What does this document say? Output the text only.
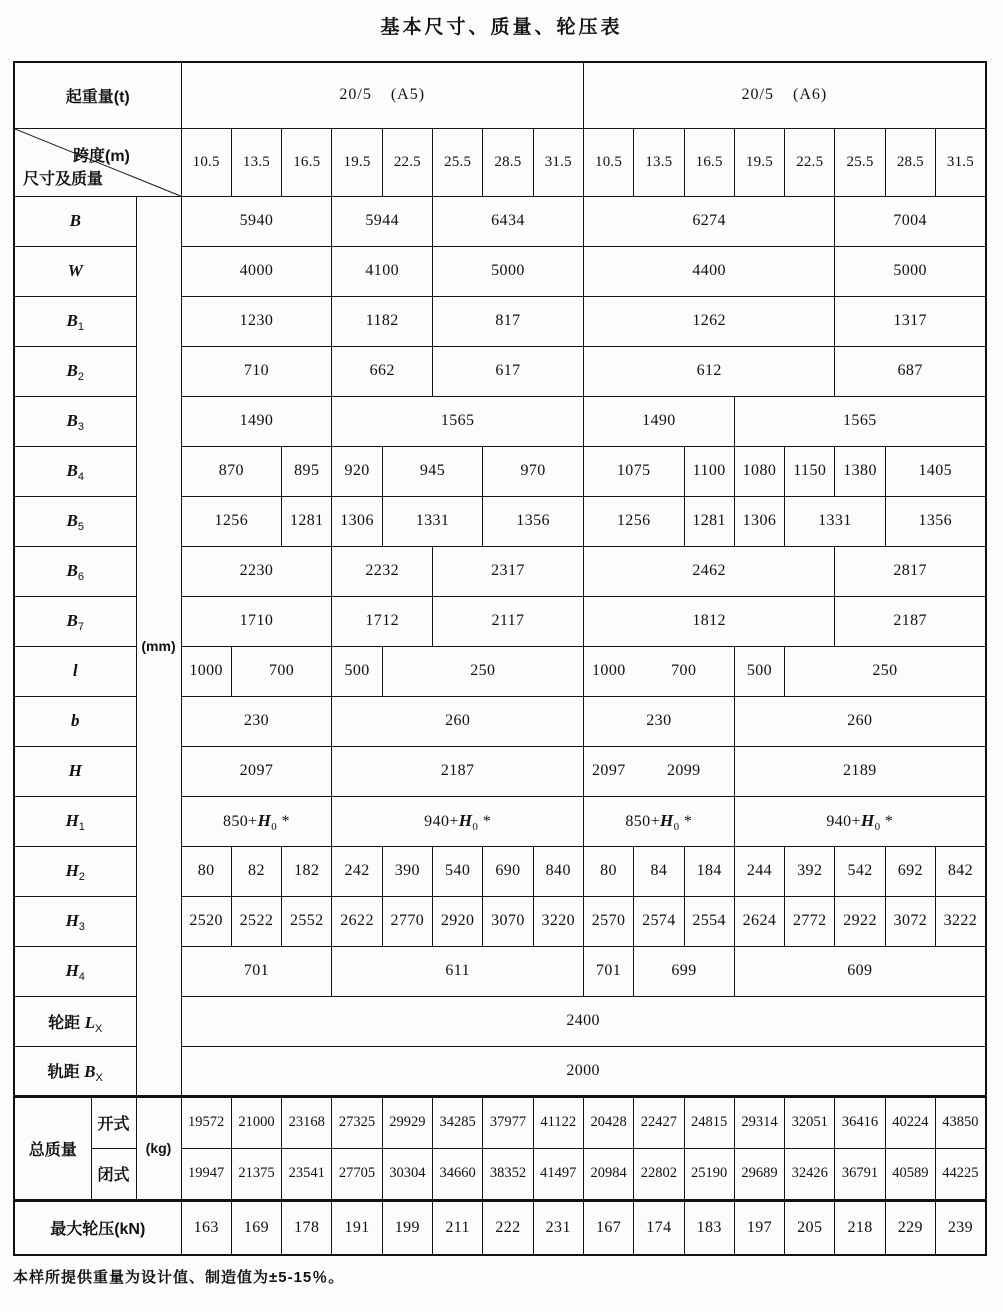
基本尺寸、质量、轮压表
起重量(t)			20/5 (A5)								20/5 (A6)							

跨度(m)
尺寸及质量			10.5	13.5	16.5	19.5	22.5	25.5	28.5	31.5	10.5	13.5	16.5	19.5	22.5	25.5	28.5	31.5
B		(mm)	5940			5944		6434			6274					7004		
W			4000			4100		5000			4400					5000		
$B_1$			1230			1182		817			1262					1317		
$B_2$			710			662		617			612					687		
$B_3$			1490			1565					1490			1565				
$B_4$			870		895	920	945		970		1075		1100	1080	1150	1380	1405	
$B_5$			1256		1281	1306	1331		1356		1256		1281	1306	1331		1356	
$B_6$			2230			2232		2317			2462					2817		
$B_7$			1710			1712		2117			1812					2187		
l			1000	700		500	250				1000	700		500	250			
b			230			260					230			260				
H			2097			2187					2097	2099		2189				
$H_1$			$850+H_0$ *			$940+H_0$ *					$850+H_0$ *			$940+H_0$ *				
$H_2$			80	82	182	242	390	540	690	840	80	84	184	244	392	542	692	842
$H_3$			2520	2522	2552	2622	2770	2920	3070	3220	2570	2574	2554	2624	2772	2922	3072	3222
$H_4$			701			611					701	699		609				
轮距 $L_X$			2400															
轨距 $B_X$			2000															
总质量	开式	(kg)	19572	21000	23168	27325	29929	34285	37977	41122	20428	22427	24815	29314	32051	36416	40224	43850
	闭式		19947	21375	23541	27705	30304	34660	38352	41497	20984	22802	25190	29689	32426	36791	40589	44225
最大轮压(kN)			163	169	178	191	199	211	222	231	167	174	183	197	205	218	229	239
本样所提供重量为设计值、制造值为±5-15％。
